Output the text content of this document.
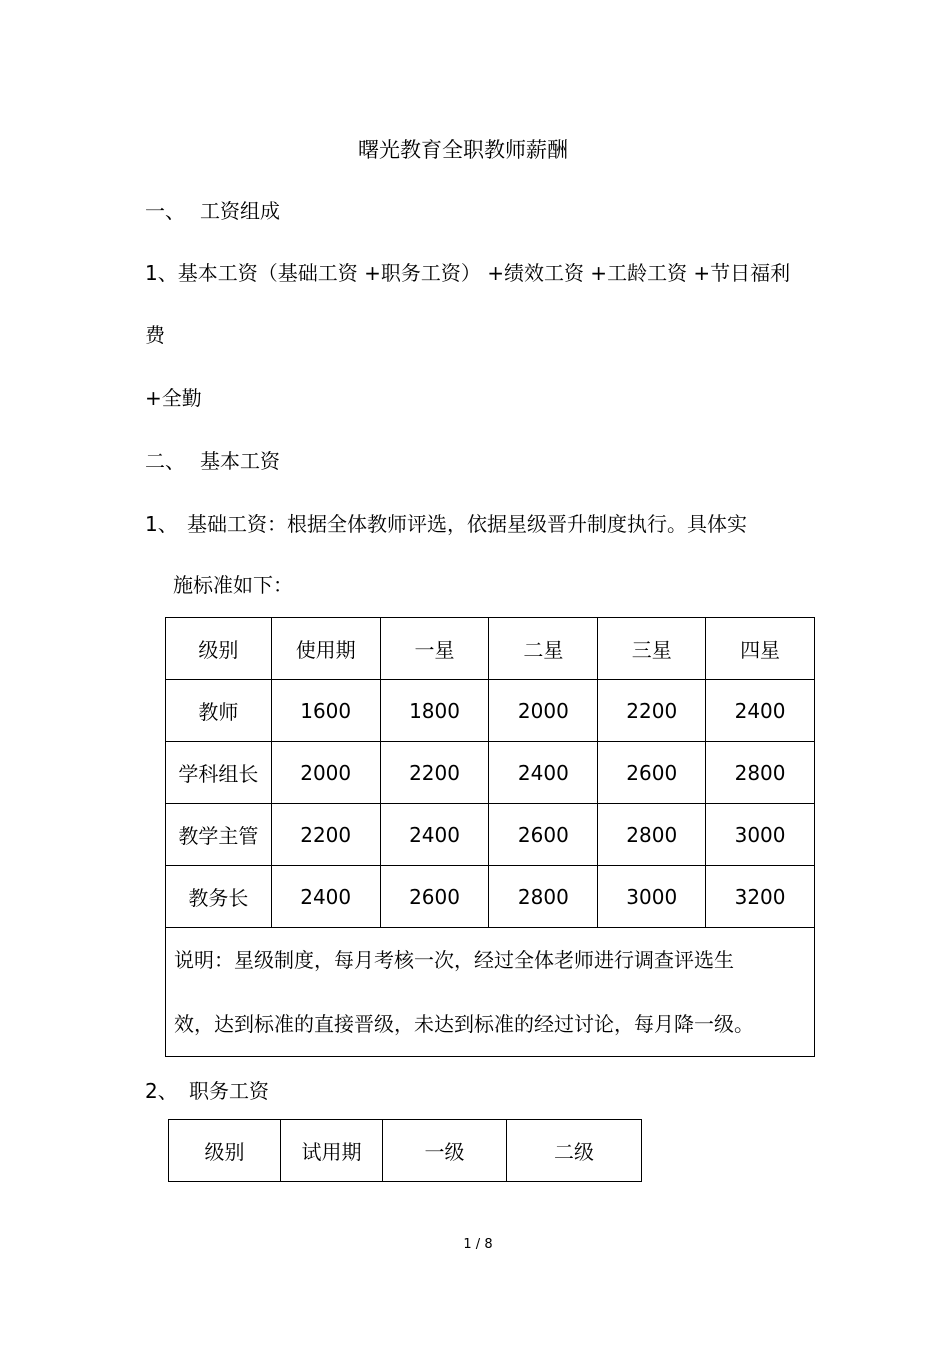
曙光教育全职教师薪酬
一、 工资组成
1、基本工资（基础工资 +职务工资） +绩效工资 +工龄工资 +节日福利
费
+全勤
二、 基本工资
1、 基础工资：根据全体教师评选，依据星级晋升制度执行。具体实
施标准如下：
级别	使用期	一星	二星	三星	四星
教师	1600	1800	2000	2200	2400
学科组长	2000	2200	2400	2600	2800
教学主管	2200	2400	2600	2800	3000
教务长	2400	2600	2800	3000	3200

说明：星级制度，每月考核一次，经过全体老师进行调查评选生
效，达到标准的直接晋级，未达到标准的经过讨论，每月降一级。					
2、 职务工资
级别	试用期	一级	二级
1 / 8
